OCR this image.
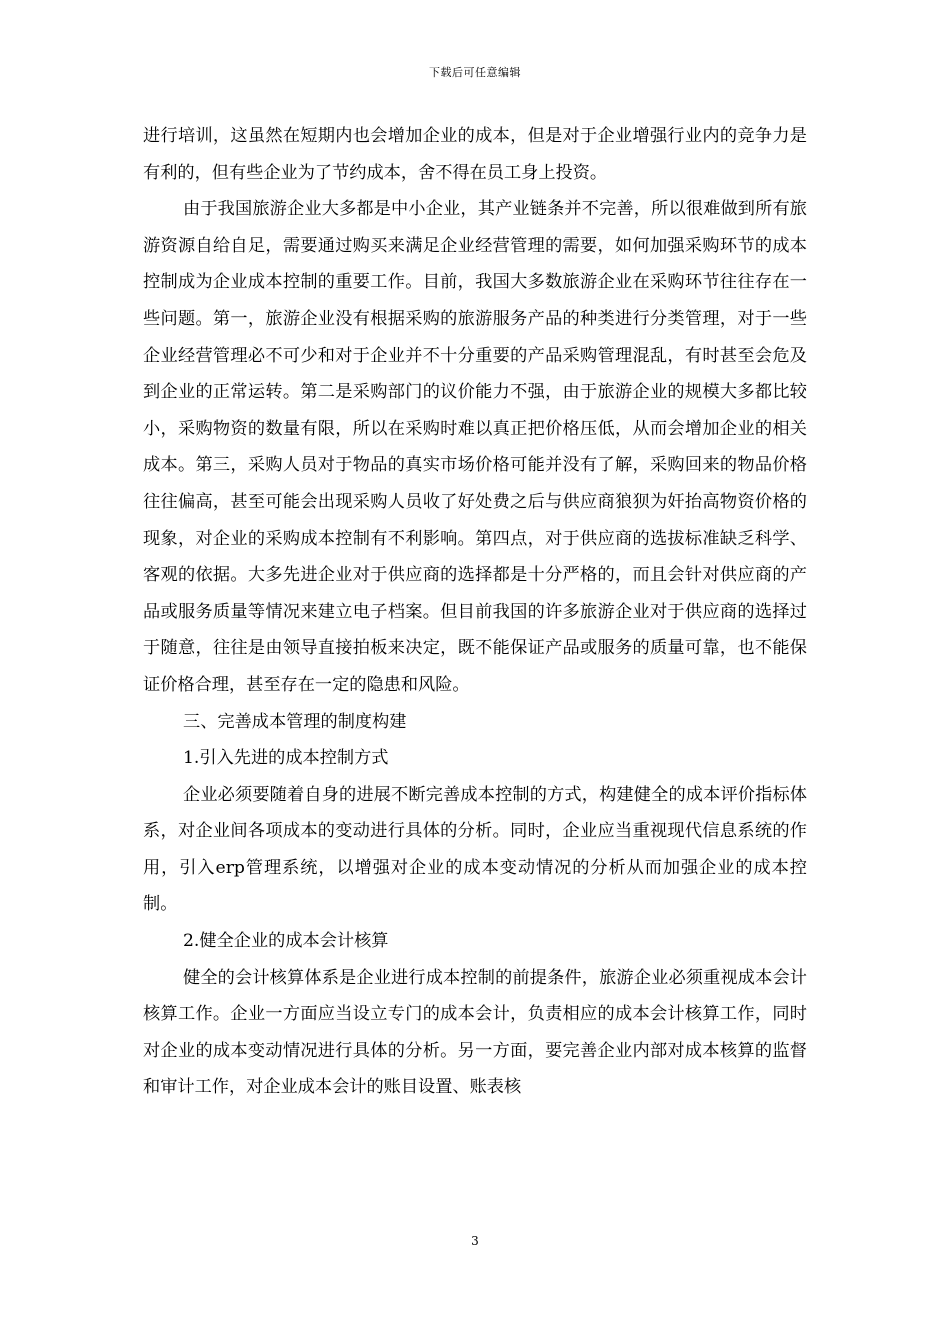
下载后可任意编辑

进行培训，这虽然在短期内也会增加企业的成本，但是对于企业增强行业内的竞争力是有利的，但有些企业为了节约成本，舍不得在员工身上投资。

由于我国旅游企业大多都是中小企业，其产业链条并不完善，所以很难做到所有旅游资源自给自足，需要通过购买来满足企业经营管理的需要，如何加强采购环节的成本控制成为企业成本控制的重要工作。目前，我国大多数旅游企业在采购环节往往存在一些问题。第一，旅游企业没有根据采购的旅游服务产品的种类进行分类管理，对于一些企业经营管理必不可少和对于企业并不十分重要的产品采购管理混乱，有时甚至会危及到企业的正常运转。第二是采购部门的议价能力不强，由于旅游企业的规模大多都比较小，采购物资的数量有限，所以在采购时难以真正把价格压低，从而会增加企业的相关成本。第三，采购人员对于物品的真实市场价格可能并没有了解，采购回来的物品价格往往偏高，甚至可能会出现采购人员收了好处费之后与供应商狼狈为奸抬高物资价格的现象，对企业的采购成本控制有不利影响。第四点，对于供应商的选拔标准缺乏科学、客观的依据。大多先进企业对于供应商的选择都是十分严格的，而且会针对供应商的产品或服务质量等情况来建立电子档案。但目前我国的许多旅游企业对于供应商的选择过于随意，往往是由领导直接拍板来决定，既不能保证产品或服务的质量可靠，也不能保证价格合理，甚至存在一定的隐患和风险。

三、完善成本管理的制度构建

1.引入先进的成本控制方式

企业必须要随着自身的进展不断完善成本控制的方式，构建健全的成本评价指标体系，对企业间各项成本的变动进行具体的分析。同时，企业应当重视现代信息系统的作用，引入erp管理系统，以增强对企业的成本变动情况的分析从而加强企业的成本控制。

2.健全企业的成本会计核算

健全的会计核算体系是企业进行成本控制的前提条件，旅游企业必须重视成本会计核算工作。企业一方面应当设立专门的成本会计，负责相应的成本会计核算工作，同时对企业的成本变动情况进行具体的分析。另一方面，要完善企业内部对成本核算的监督和审计工作，对企业成本会计的账目设置、账表核

3
